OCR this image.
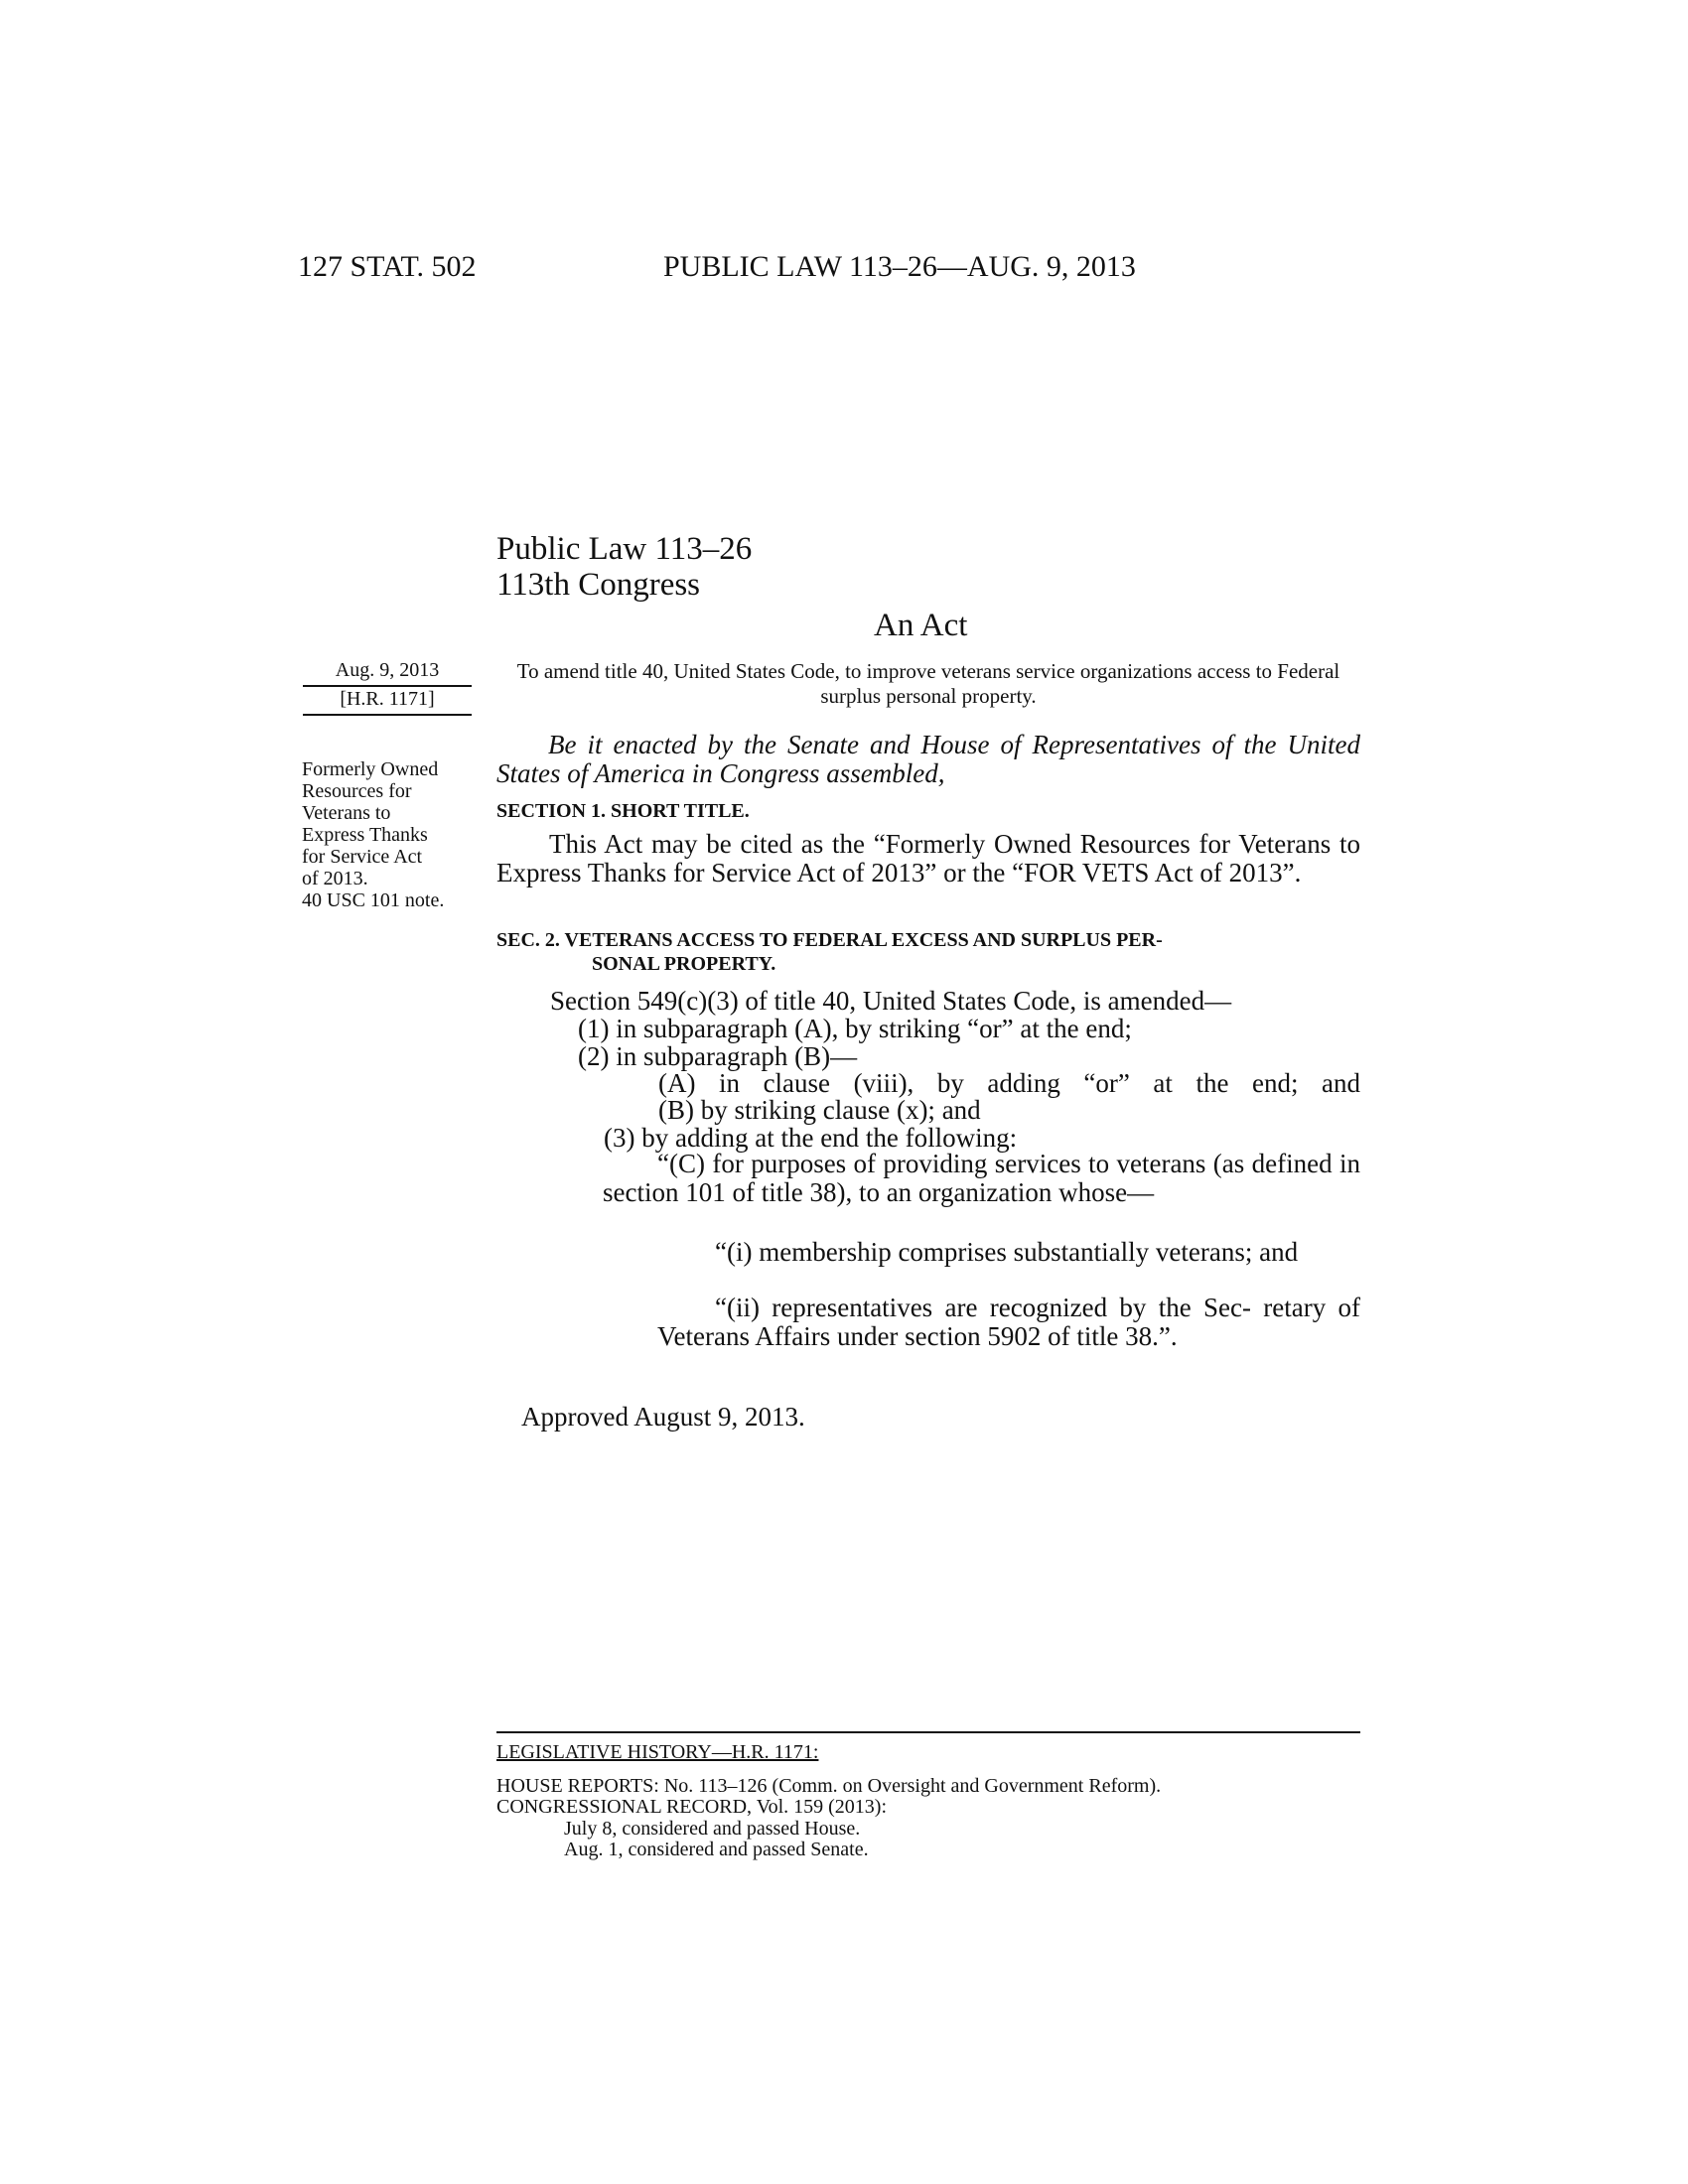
127 STAT. 502	PUBLIC LAW 113–26—AUG. 9, 2013
Public Law 113–26
113th Congress
An Act
Aug. 9, 2013
[H.R. 1171]
Formerly Owned
Resources for
Veterans to
Express Thanks
for Service Act
of 2013.
40 USC 101 note.
To amend title 40, United States Code, to improve veterans service organizations access to Federal surplus personal property.
Be it enacted by the Senate and House of Representatives of the United States of America in Congress assembled,
SECTION 1. SHORT TITLE.
This Act may be cited as the “Formerly Owned Resources for Veterans to Express Thanks for Service Act of 2013” or the “FOR VETS Act of 2013”.
SEC. 2. VETERANS ACCESS TO FEDERAL EXCESS AND SURPLUS PER-
SONAL PROPERTY.
Section 549(c)(3) of title 40, United States Code, is amended—
(1) in subparagraph (A), by striking “or” at the end;
(2) in subparagraph (B)—
(A) in clause (viii), by adding “or” at the end; and
(B) by striking clause (x); and
(3) by adding at the end the following:
“(C) for purposes of providing services to veterans (as defined in section 101 of title 38), to an organization whose—
“(i) membership comprises substantially veterans; and
“(ii) representatives are recognized by the Sec- retary of Veterans Affairs under section 5902 of title 38.”.
Approved August 9, 2013.
LEGISLATIVE HISTORY—H.R. 1171:
HOUSE REPORTS: No. 113–126 (Comm. on Oversight and Government Reform).
CONGRESSIONAL RECORD, Vol. 159 (2013):
July 8, considered and passed House.
Aug. 1, considered and passed Senate.
